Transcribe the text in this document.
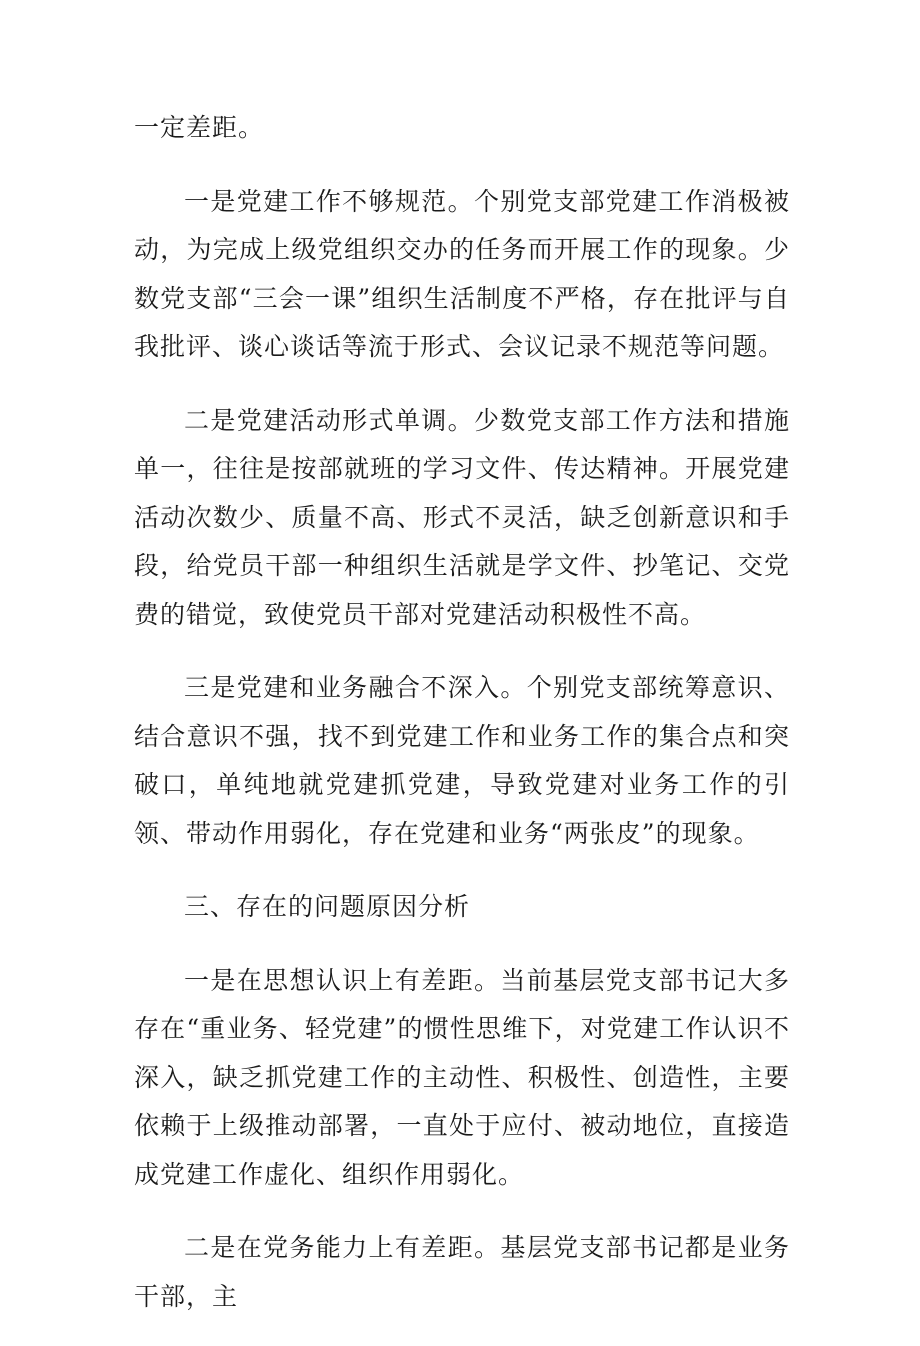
一定差距。

一是党建工作不够规范。个别党支部党建工作消极被动，为完成上级党组织交办的任务而开展工作的现象。少数党支部“三会一课”组织生活制度不严格，存在批评与自我批评、谈心谈话等流于形式、会议记录不规范等问题。

二是党建活动形式单调。少数党支部工作方法和措施单一，往往是按部就班的学习文件、传达精神。开展党建活动次数少、质量不高、形式不灵活，缺乏创新意识和手段，给党员干部一种组织生活就是学文件、抄笔记、交党费的错觉，致使党员干部对党建活动积极性不高。

三是党建和业务融合不深入。个别党支部统筹意识、结合意识不强，找不到党建工作和业务工作的集合点和突破口，单纯地就党建抓党建，导致党建对业务工作的引领、带动作用弱化，存在党建和业务“两张皮”的现象。

三、存在的问题原因分析

一是在思想认识上有差距。当前基层党支部书记大多存在“重业务、轻党建”的惯性思维下，对党建工作认识不深入，缺乏抓党建工作的主动性、积极性、创造性，主要依赖于上级推动部署，一直处于应付、被动地位，直接造成党建工作虚化、组织作用弱化。

二是在党务能力上有差距。基层党支部书记都是业务干部，主
